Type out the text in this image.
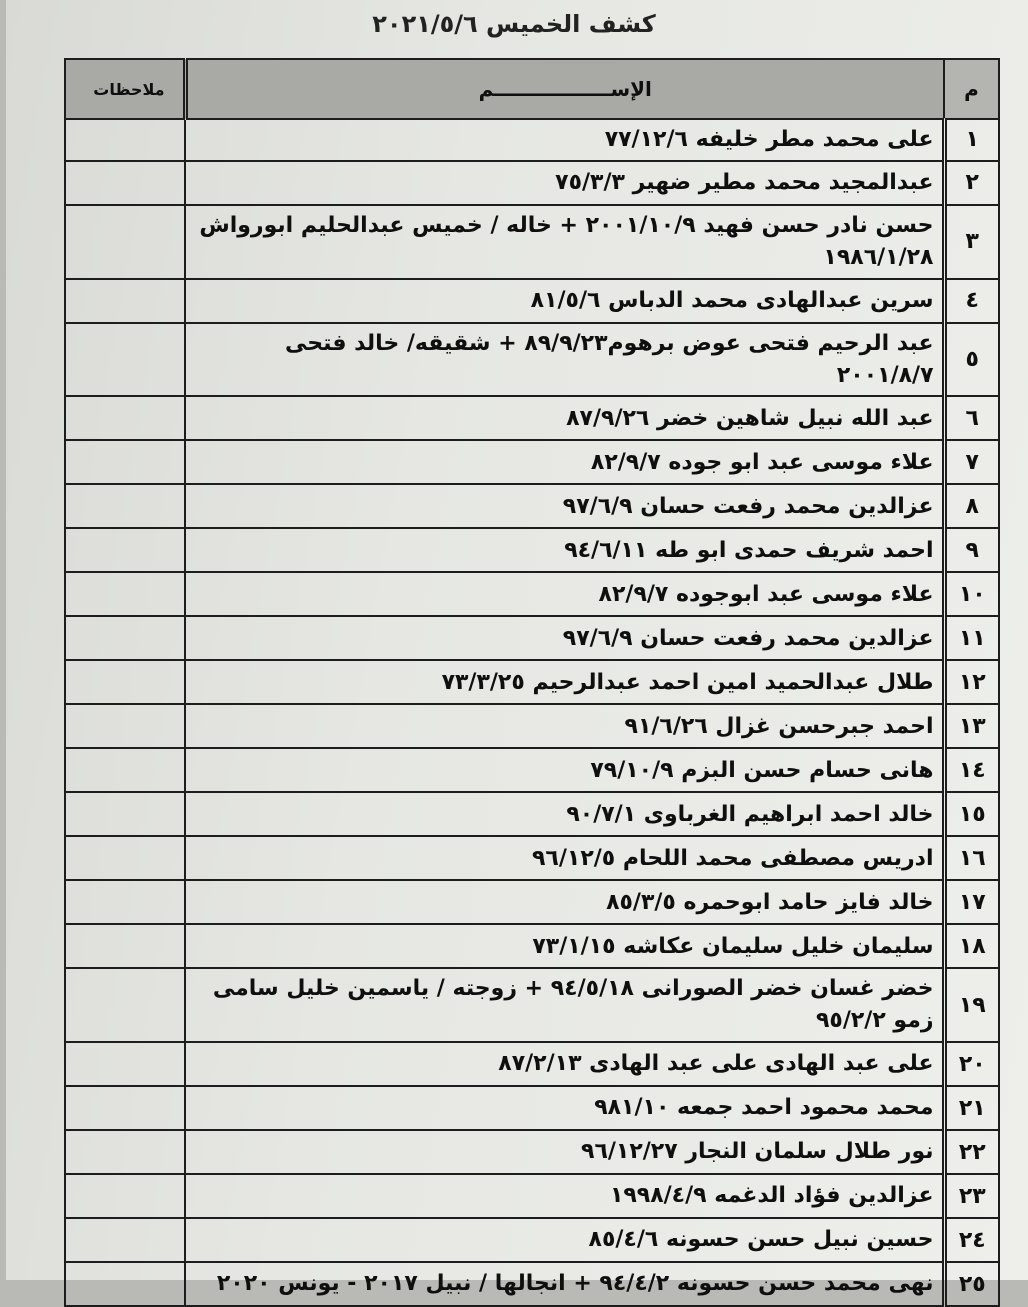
كشف الخميس ٢٠٢١/٥/٦
م	الإســـــــــــــــــم	ملاحظات
١	على محمد مطر خليفه ٧٧/١٢/٦	
٢	عبدالمجيد محمد مطير ضهير ٧٥/٣/٣	
٣	حسن نادر حسن فهيد ٢٠٠١/١٠/٩ + خاله / خميس عبدالحليم ابورواش ١٩٨٦/١/٢٨	
٤	سرين عبدالهادى محمد الدباس ٨١/٥/٦	
٥	عبد الرحيم فتحى عوض برهوم٨٩/٩/٢٣ + شقيقه/ خالد فتحى ٢٠٠١/٨/٧	
٦	عبد الله نبيل شاهين خضر ٨٧/٩/٢٦	
٧	علاء موسى عبد ابو جوده ٨٢/٩/٧	
٨	عزالدين محمد رفعت حسان ٩٧/٦/٩	
٩	احمد شريف حمدى ابو طه ٩٤/٦/١١	
١٠	علاء موسى عبد ابوجوده ٨٢/٩/٧	
١١	عزالدين محمد رفعت حسان ٩٧/٦/٩	
١٢	طلال عبدالحميد امين احمد عبدالرحيم ٧٣/٣/٢٥	
١٣	احمد جبرحسن غزال ٩١/٦/٢٦	
١٤	هانى حسام حسن البزم ٧٩/١٠/٩	
١٥	خالد احمد ابراهيم الغرباوى ٩٠/٧/١	
١٦	ادريس مصطفى محمد اللحام ٩٦/١٢/٥	
١٧	خالد فايز حامد ابوحمره ٨٥/٣/٥	
١٨	سليمان خليل سليمان عكاشه ٧٣/١/١٥	
١٩	خضر غسان خضر الصورانى ٩٤/٥/١٨ + زوجته / ياسمين خليل سامى زمو ٩٥/٢/٢	
٢٠	على عبد الهادى على عبد الهادى ٨٧/٢/١٣	
٢١	محمد محمود احمد جمعه ٩٨١/١٠	
٢٢	نور طلال سلمان النجار ٩٦/١٢/٢٧	
٢٣	عزالدين فؤاد الدغمه ١٩٩٨/٤/٩	
٢٤	حسين نبيل حسن حسونه ٨٥/٤/٦	
٢٥	نهى محمد حسن حسونه ٩٤/٤/٢ + انجالها / نبيل ٢٠١٧ - يونس ٢٠٢٠	
